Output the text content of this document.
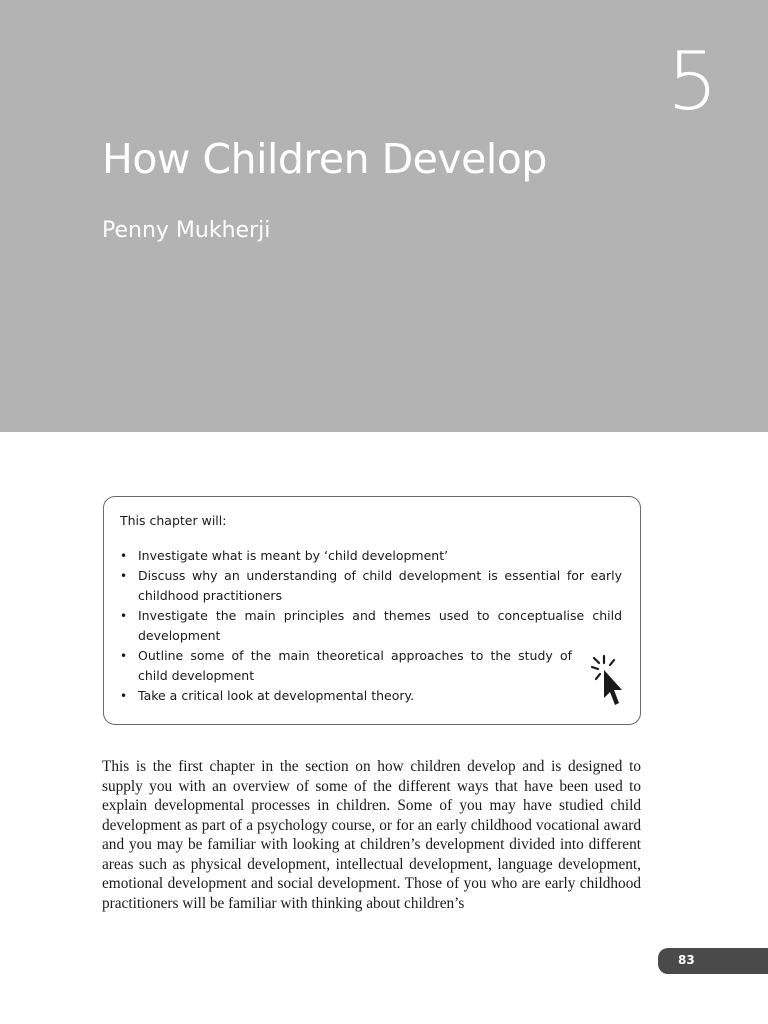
5

How Children Develop

Penny Mukherji

This chapter will:

• Investigate what is meant by ‘child development’
• Discuss why an understanding of child development is essential for early childhood practitioners
• Investigate the main principles and themes used to conceptualise child development
• Outline some of the main theoretical approaches to the study of child development
• Take a critical look at developmental theory.

This is the first chapter in the section on how children develop and is designed to supply you with an overview of some of the different ways that have been used to explain developmental processes in children. Some of you may have studied child development as part of a psychology course, or for an early childhood vocational award and you may be familiar with looking at children’s development divided into different areas such as physical development, intellectual development, language development, emotional development and social development. Those of you who are early childhood practitioners will be familiar with thinking about children’s

83
